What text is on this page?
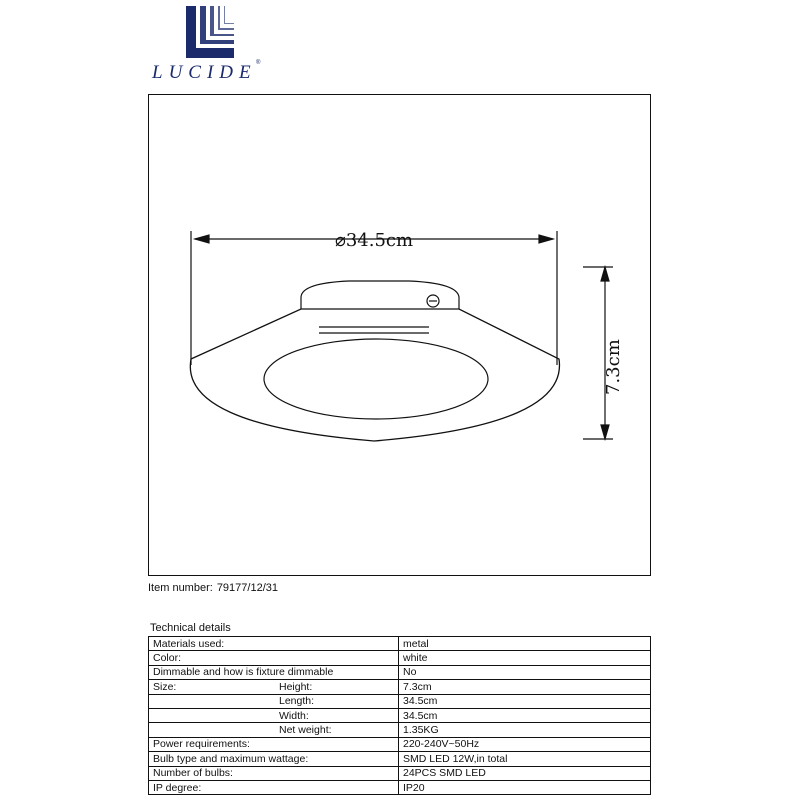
LUCIDE ®
⌀34.5cm
7.3cm
Item number: 79177/12/31
Technical details
Materials used:	metal
Color:	white
Dimmable and how is fixture dimmable	No

Size: Height:	7.3cm
Length:	34.5cm
Width:	34.5cm
Net weight:	1.35KG
Power requirements:	220-240V~50Hz
Bulb type and maximum wattage:	SMD LED 12W,in total
Number of bulbs:	24PCS SMD LED
IP degree:	IP20
